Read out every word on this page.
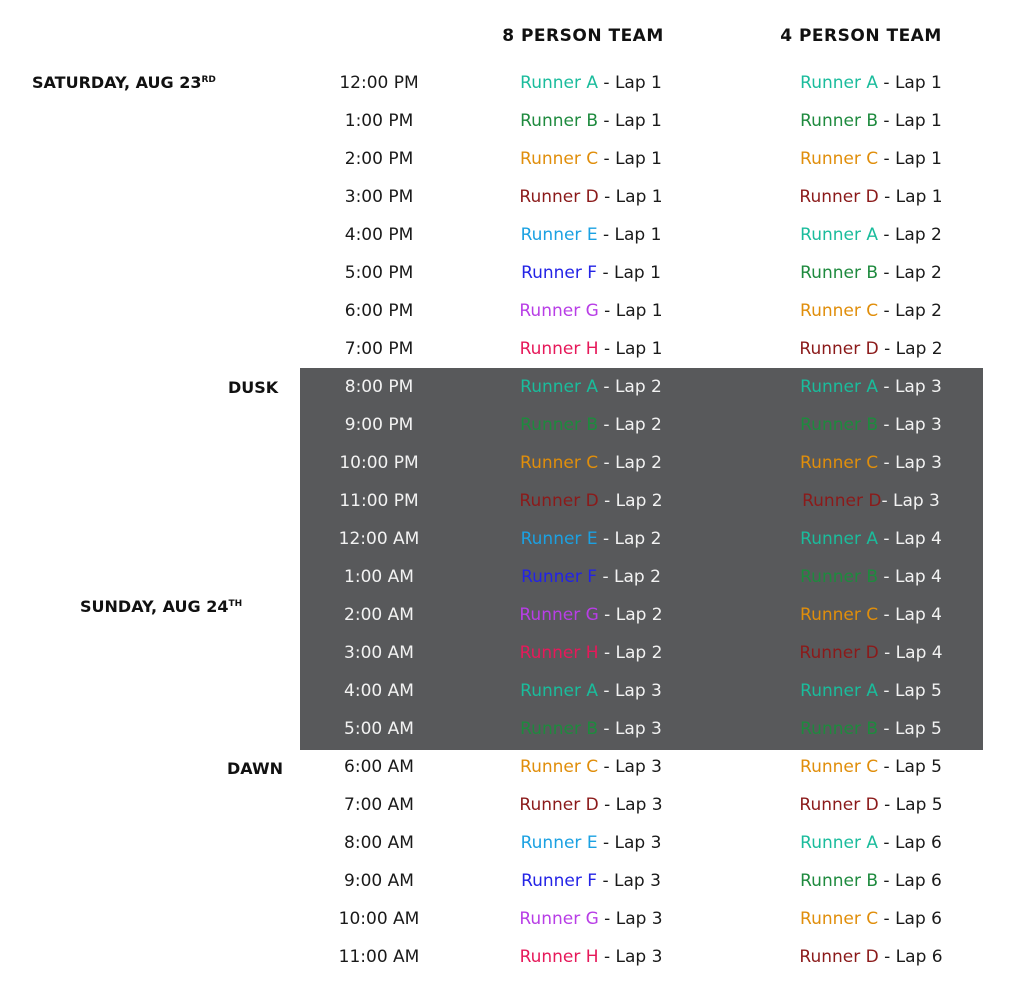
8 PERSON TEAM	4 PERSON TEAM
SATURDAY, AUG 23RD
SUNDAY, AUG 24TH
DUSK
DAWN
12:00 PM	Runner A - Lap 1	Runner A - Lap 1
1:00 PM	Runner B - Lap 1	Runner B - Lap 1
2:00 PM	Runner C - Lap 1	Runner C - Lap 1
3:00 PM	Runner D - Lap 1	Runner D - Lap 1
4:00 PM	Runner E - Lap 1	Runner A - Lap 2
5:00 PM	Runner F - Lap 1	Runner B - Lap 2
6:00 PM	Runner G - Lap 1	Runner C - Lap 2
7:00 PM	Runner H - Lap 1	Runner D - Lap 2
8:00 PM	Runner A - Lap 2	Runner A - Lap 3
9:00 PM	Runner B - Lap 2	Runner B - Lap 3
10:00 PM	Runner C - Lap 2	Runner C - Lap 3
11:00 PM	Runner D - Lap 2	Runner D- Lap 3
12:00 AM	Runner E - Lap 2	Runner A - Lap 4
1:00 AM	Runner F - Lap 2	Runner B - Lap 4
2:00 AM	Runner G - Lap 2	Runner C - Lap 4
3:00 AM	Runner H - Lap 2	Runner D - Lap 4
4:00 AM	Runner A - Lap 3	Runner A - Lap 5
5:00 AM	Runner B - Lap 3	Runner B - Lap 5
6:00 AM	Runner C - Lap 3	Runner C - Lap 5
7:00 AM	Runner D - Lap 3	Runner D - Lap 5
8:00 AM	Runner E - Lap 3	Runner A - Lap 6
9:00 AM	Runner F - Lap 3	Runner B - Lap 6
10:00 AM	Runner G - Lap 3	Runner C - Lap 6
11:00 AM	Runner H - Lap 3	Runner D - Lap 6
